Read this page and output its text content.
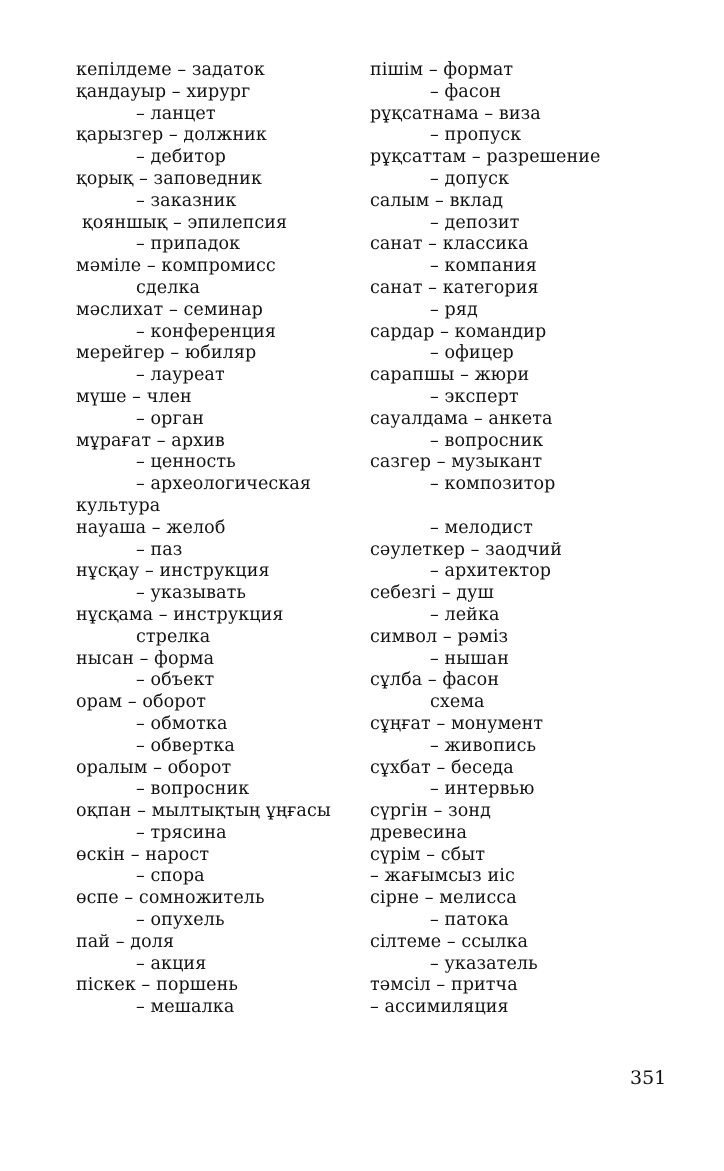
кепілдеме – задаток
қандауыр – хирург
– ланцет
қарызгер – должник
– дебитор
қорық – заповедник
– заказник
қояншық – эпилепсия
– припадок
мәміле – компромисс
сделка
мәслихат – семинар
– конференция
мерейгер – юбиляр
– лауреат
мүше – член
– орган
мұрағат – архив
– ценность
– археологическая
культура
науаша – желоб
– паз
нұсқау – инструкция
– указывать
нұсқама – инструкция
стрелка
нысан – форма
– объект
орам – оборот
– обмотка
– обвертка
оралым – оборот
– вопросник
оқпан – мылтықтың ұңғасы
– трясина
өскін – нарост
– спора
өспе – сомножитель
– опухель
пай – доля
– акция
піскек – поршень
– мешалка
пішім – формат
– фасон
рұқсатнама – виза
– пропуск
рұқсаттам – разрешение
– допуск
салым – вклад
– депозит
санат – классика
– компания
санат – категория
– ряд
сардар – командир
– офицер
сарапшы – жюри
– эксперт
сауалдама – анкета
– вопросник
сазгер – музыкант
– композитор
– мелодист
сәулеткер – заодчий
– архитектор
себезгі – душ
– лейка
символ – рәміз
– нышан
сұлба – фасон
схема
сұңғат – монумент
– живопись
сұхбат – беседа
– интервью
сүргін – зонд
древесина
сүрім – сбыт
– жағымсыз иіс
сірне – мелисса
– патока
сілтеме – ссылка
– указатель
тәмсіл – притча
– ассимиляция
351
